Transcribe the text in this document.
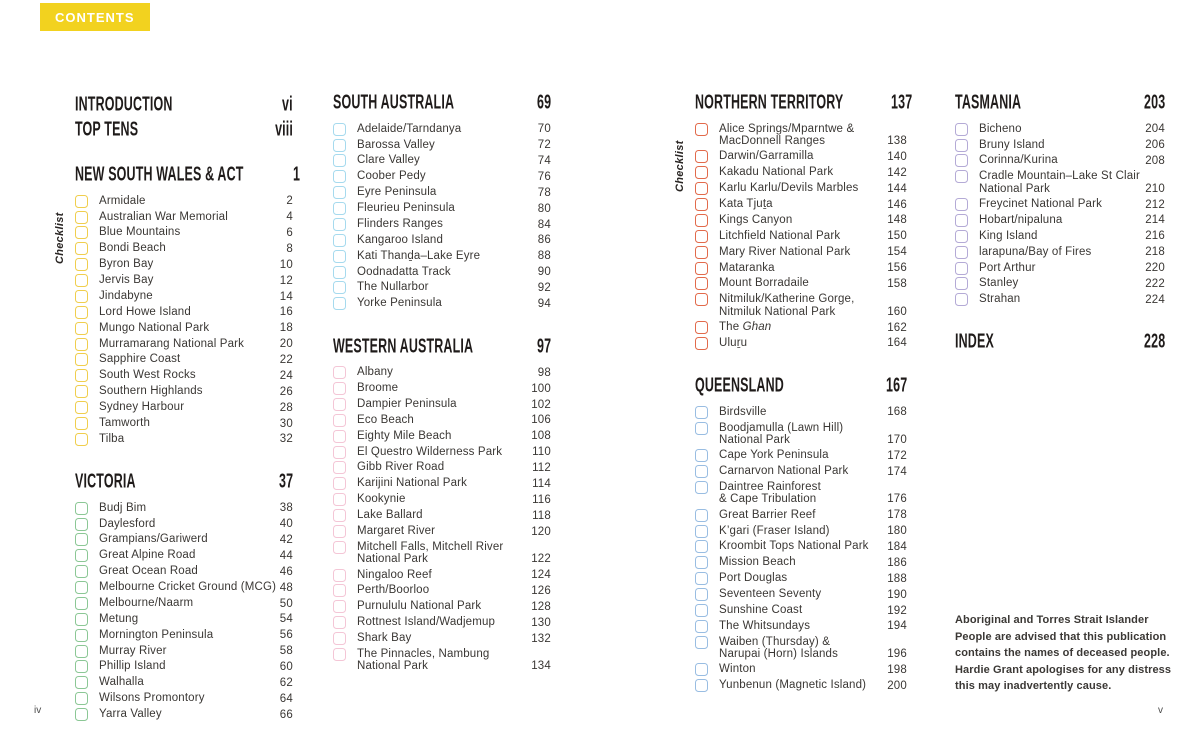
CONTENTS
INTRODUCTION	vi
TOP TENS	viii
NEW SOUTH WALES & ACT	1
Checklist
Armidale	2
Australian War Memorial	4
Blue Mountains	6
Bondi Beach	8
Byron Bay	10
Jervis Bay	12
Jindabyne	14
Lord Howe Island	16
Mungo National Park	18
Murramarang National Park	20
Sapphire Coast	22
South West Rocks	24
Southern Highlands	26
Sydney Harbour	28
Tamworth	30
Tilba	32
VICTORIA	37
Budj Bim	38
Daylesford	40
Grampians/Gariwerd	42
Great Alpine Road	44
Great Ocean Road	46
Melbourne Cricket Ground (MCG) 48
Melbourne/Naarm	50
Metung	54
Mornington Peninsula	56
Murray River	58
Phillip Island	60
Walhalla	62
Wilsons Promontory	64
Yarra Valley	66
SOUTH AUSTRALIA	69
Adelaide/Tarndanya	70
Barossa Valley	72
Clare Valley	74
Coober Pedy	76
Eyre Peninsula	78
Fleurieu Peninsula	80
Flinders Ranges	84
Kangaroo Island	86
Kati Thanḏa–Lake Eyre	88
Oodnadatta Track	90
The Nullarbor	92
Yorke Peninsula	94
WESTERN AUSTRALIA	97
Albany	98
Broome	100
Dampier Peninsula	102
Eco Beach	106
Eighty Mile Beach	108
El Questro Wilderness Park	110
Gibb River Road	112
Karijini National Park	114
Kookynie	116
Lake Ballard	118
Margaret River	120
Mitchell Falls, Mitchell River
National Park	122
Ningaloo Reef	124
Perth/Boorloo	126
Purnululu National Park	128
Rottnest Island/Wadjemup	130
Shark Bay	132
The Pinnacles, Nambung
National Park	134
NORTHERN TERRITORY	137
Checklist
Alice Springs/Mparntwe &
MacDonnell Ranges	138
Darwin/Garramilla	140
Kakadu National Park	142
Karlu Karlu/Devils Marbles	144
Kata Tjuṯa	146
Kings Canyon	148
Litchfield National Park	150
Mary River National Park	154
Mataranka	156
Mount Borradaile	158
Nitmiluk/Katherine Gorge,
Nitmiluk National Park	160
The Ghan	162
Uluṟu	164
QUEENSLAND	167
Birdsville	168
Boodjamulla (Lawn Hill)
National Park	170
Cape York Peninsula	172
Carnarvon National Park	174
Daintree Rainforest
& Cape Tribulation	176
Great Barrier Reef	178
K’gari (Fraser Island)	180
Kroombit Tops National Park	184
Mission Beach	186
Port Douglas	188
Seventeen Seventy	190
Sunshine Coast	192
The Whitsundays	194
Waiben (Thursday) &
Narupai (Horn) Islands	196
Winton	198
Yunbenun (Magnetic Island)	200
TASMANIA	203
Bicheno	204
Bruny Island	206
Corinna/Kurina	208
Cradle Mountain–Lake St Clair
National Park	210
Freycinet National Park	212
Hobart/nipaluna	214
King Island	216
larapuna/Bay of Fires	218
Port Arthur	220
Stanley	222
Strahan	224
INDEX	228
Aboriginal and Torres Strait Islander People are advised that this publication contains the names of deceased people. Hardie Grant apologises for any distress this may inadvertently cause.
iv	v
